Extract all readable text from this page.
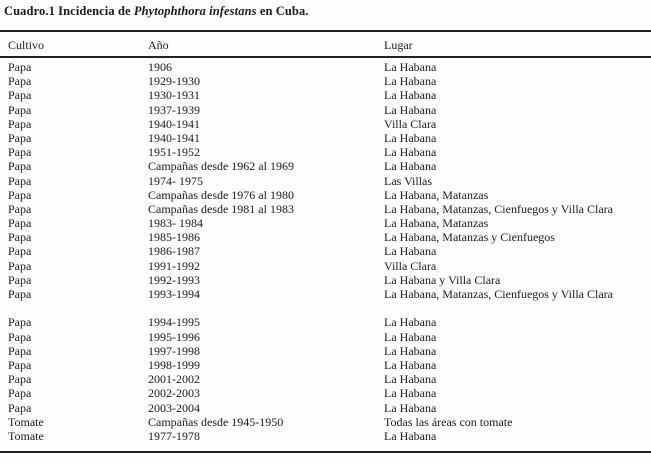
Cuadro.1 Incidencia de Phytophthora infestans en Cuba.
Cultivo	Año	Lugar
Papa	1906	La Habana
Papa	1929-1930	La Habana
Papa	1930-1931	La Habana
Papa	1937-1939	La Habana
Papa	1940-1941	Villa Clara
Papa	1940-1941	La Habana
Papa	1951-1952	La Habana
Papa	Campañas desde 1962 al 1969	La Habana
Papa	1974- 1975	Las Villas
Papa	Campañas desde 1976 al 1980	La Habana, Matanzas
Papa	Campañas desde 1981 al 1983	La Habana, Matanzas, Cienfuegos y Villa Clara
Papa	1983- 1984	La Habana, Matanzas
Papa	1985-1986	La Habana, Matanzas y Cienfuegos
Papa	1986-1987	La Habana
Papa	1991-1992	Villa Clara
Papa	1992-1993	La Habana y Villa Clara
Papa	1993-1994	La Habana, Matanzas, Cienfuegos y Villa Clara
Papa	1994-1995	La Habana
Papa	1995-1996	La Habana
Papa	1997-1998	La Habana
Papa	1998-1999	La Habana
Papa	2001-2002	La Habana
Papa	2002-2003	La Habana
Papa	2003-2004	La Habana
Tomate	Campañas desde 1945-1950	Todas las áreas con tomate
Tomate	1977-1978	La Habana
